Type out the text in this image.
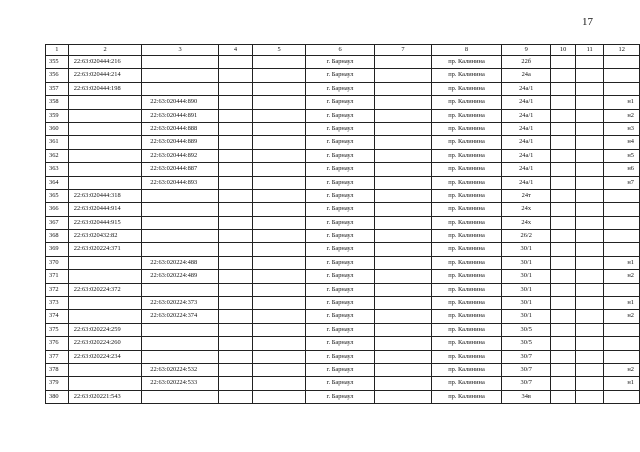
17
1	2	3	4	5	6	7	8	9	10	11	12
355	22:63:020444:216				г. Барнаул		пр. Калинина	22б			
356	22:63:020444:214				г. Барнаул		пр. Калинина	24а			
357	22:63:020444:198				г. Барнаул		пр. Калинина	24а/1			
358		22:63:020444:890			г. Барнаул		пр. Калинина	24а/1			н1
359		22:63:020444:891			г. Барнаул		пр. Калинина	24а/1			н2
360		22:63:020444:888			г. Барнаул		пр. Калинина	24а/1			н3
361		22:63:020444:889			г. Барнаул		пр. Калинина	24а/1			н4
362		22:63:020444:892			г. Барнаул		пр. Калинина	24а/1			н5
363		22:63:020444:887			г. Барнаул		пр. Калинина	24а/1			н6
364		22:63:020444:893			г. Барнаул		пр. Калинина	24а/1			н7
365	22:63:020444:318				г. Барнаул		пр. Калинина	24т			
366	22:63:020444:914				г. Барнаул		пр. Калинина	24х			
367	22:63:020444:915				г. Барнаул		пр. Калинина	24х			
368	22:63:020432:82				г. Барнаул		пр. Калинина	26/2			
369	22:63:020224:371				г. Барнаул		пр. Калинина	30/1			
370		22:63:020224:488			г. Барнаул		пр. Калинина	30/1			н1
371		22:63:020224:489			г. Барнаул		пр. Калинина	30/1			н2
372	22:63:020224:372				г. Барнаул		пр. Калинина	30/1			
373		22:63:020224:373			г. Барнаул		пр. Калинина	30/1			н1
374		22:63:020224:374			г. Барнаул		пр. Калинина	30/1			н2
375	22:63:020224:259				г. Барнаул		пр. Калинина	30/5			
376	22:63:020224:260				г. Барнаул		пр. Калинина	30/5			
377	22:63:020224:234				г. Барнаул		пр. Калинина	30/7			
378		22:63:020224:532			г. Барнаул		пр. Калинина	30/7			н2
379		22:63:020224:533			г. Барнаул		пр. Калинина	30/7			н1
380	22:63:020221:543				г. Барнаул		пр. Калинина	34в			
